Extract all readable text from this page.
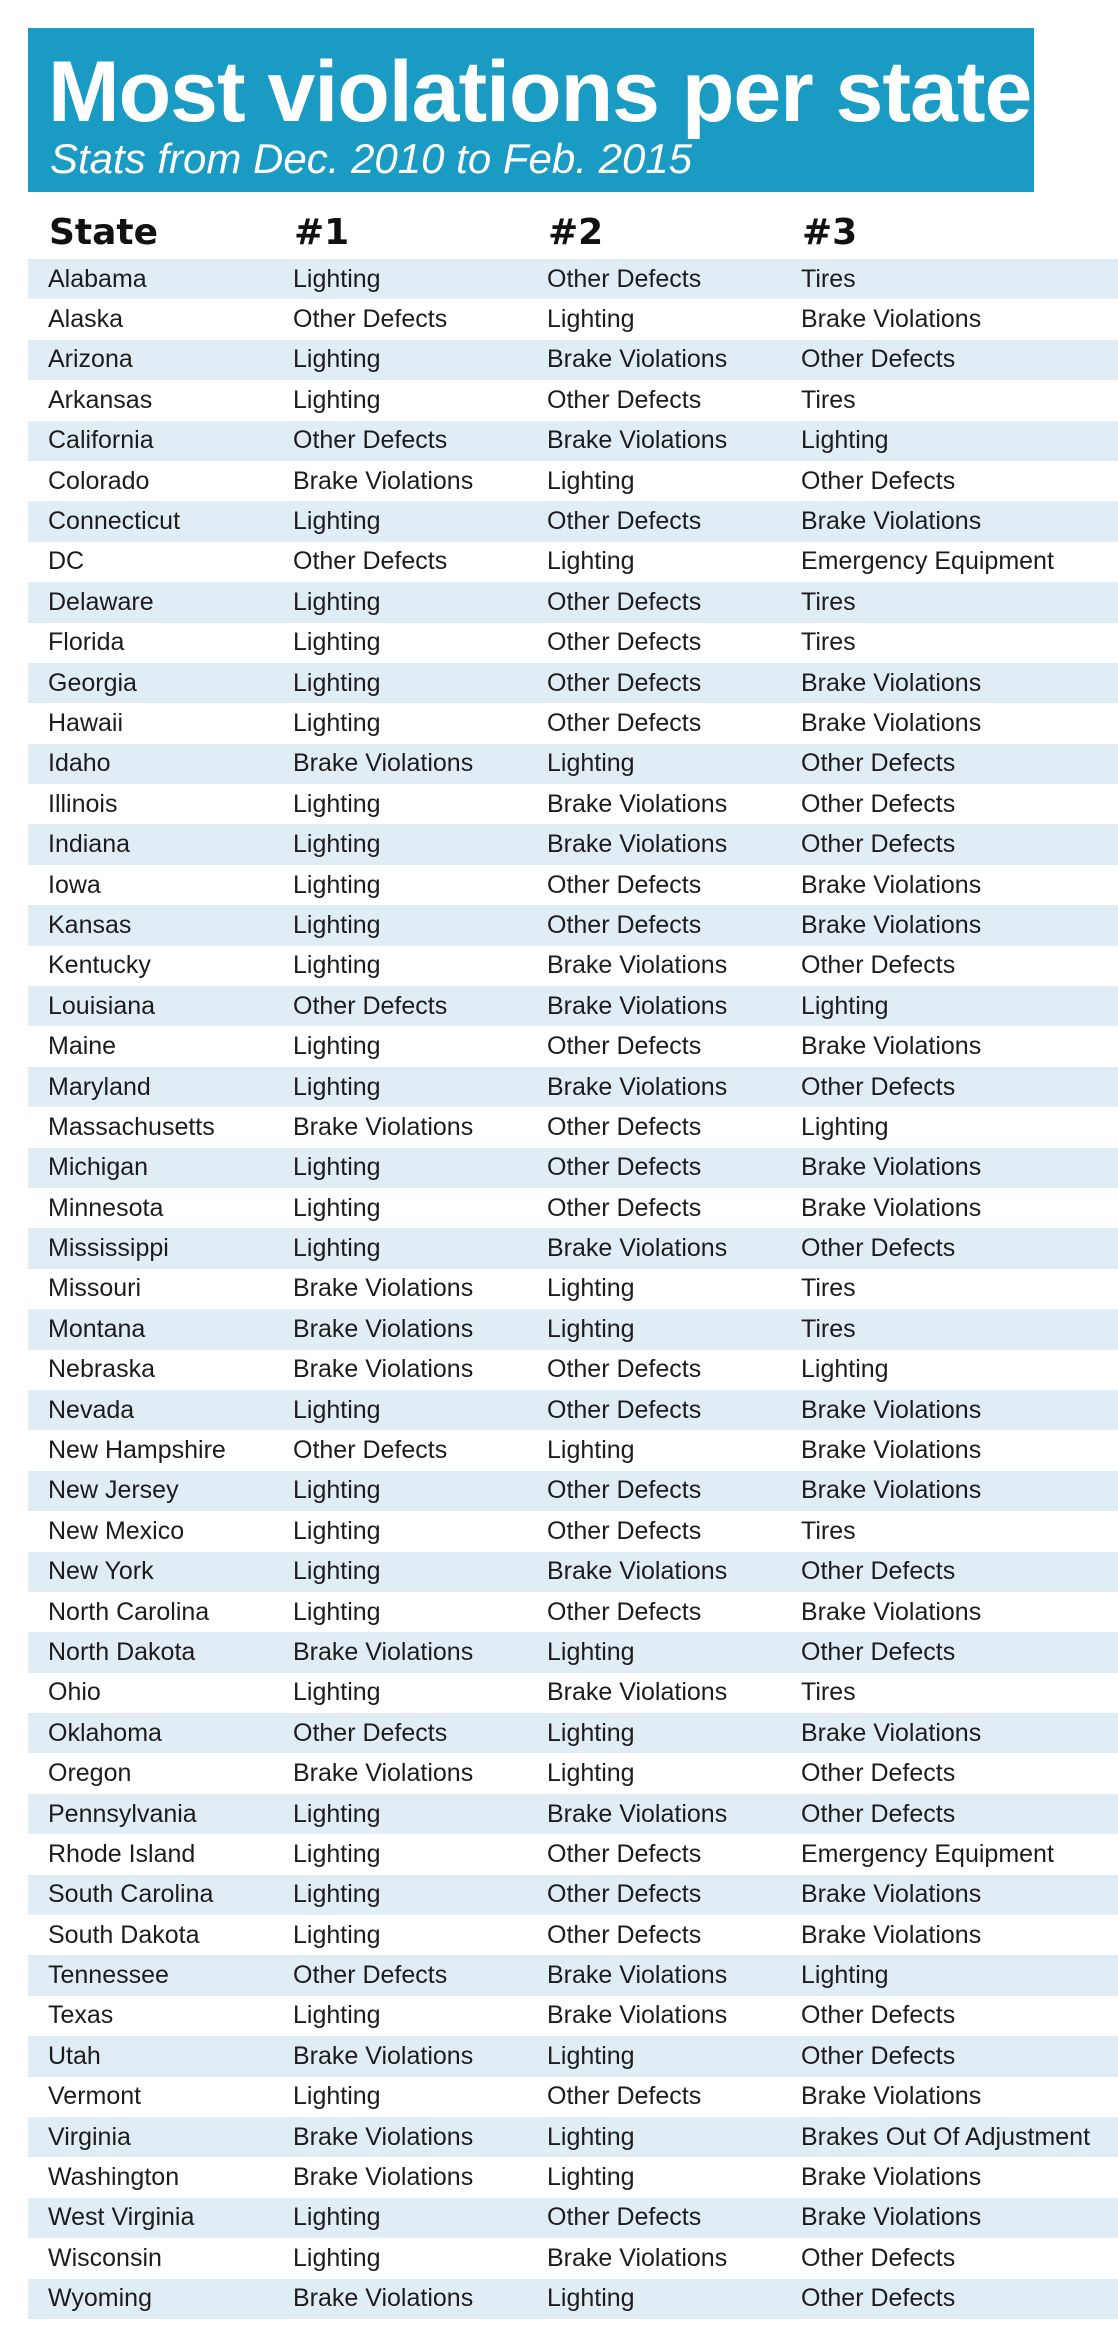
Most violations per state
Stats from Dec. 2010 to Feb. 2015
State	#1	#2	#3
Alabama	Lighting	Other Defects	Tires
Alaska	Other Defects	Lighting	Brake Violations
Arizona	Lighting	Brake Violations	Other Defects
Arkansas	Lighting	Other Defects	Tires
California	Other Defects	Brake Violations	Lighting
Colorado	Brake Violations	Lighting	Other Defects
Connecticut	Lighting	Other Defects	Brake Violations
DC	Other Defects	Lighting	Emergency Equipment
Delaware	Lighting	Other Defects	Tires
Florida	Lighting	Other Defects	Tires
Georgia	Lighting	Other Defects	Brake Violations
Hawaii	Lighting	Other Defects	Brake Violations
Idaho	Brake Violations	Lighting	Other Defects
Illinois	Lighting	Brake Violations	Other Defects
Indiana	Lighting	Brake Violations	Other Defects
Iowa	Lighting	Other Defects	Brake Violations
Kansas	Lighting	Other Defects	Brake Violations
Kentucky	Lighting	Brake Violations	Other Defects
Louisiana	Other Defects	Brake Violations	Lighting
Maine	Lighting	Other Defects	Brake Violations
Maryland	Lighting	Brake Violations	Other Defects
Massachusetts	Brake Violations	Other Defects	Lighting
Michigan	Lighting	Other Defects	Brake Violations
Minnesota	Lighting	Other Defects	Brake Violations
Mississippi	Lighting	Brake Violations	Other Defects
Missouri	Brake Violations	Lighting	Tires
Montana	Brake Violations	Lighting	Tires
Nebraska	Brake Violations	Other Defects	Lighting
Nevada	Lighting	Other Defects	Brake Violations
New Hampshire	Other Defects	Lighting	Brake Violations
New Jersey	Lighting	Other Defects	Brake Violations
New Mexico	Lighting	Other Defects	Tires
New York	Lighting	Brake Violations	Other Defects
North Carolina	Lighting	Other Defects	Brake Violations
North Dakota	Brake Violations	Lighting	Other Defects
Ohio	Lighting	Brake Violations	Tires
Oklahoma	Other Defects	Lighting	Brake Violations
Oregon	Brake Violations	Lighting	Other Defects
Pennsylvania	Lighting	Brake Violations	Other Defects
Rhode Island	Lighting	Other Defects	Emergency Equipment
South Carolina	Lighting	Other Defects	Brake Violations
South Dakota	Lighting	Other Defects	Brake Violations
Tennessee	Other Defects	Brake Violations	Lighting
Texas	Lighting	Brake Violations	Other Defects
Utah	Brake Violations	Lighting	Other Defects
Vermont	Lighting	Other Defects	Brake Violations
Virginia	Brake Violations	Lighting	Brakes Out Of Adjustment
Washington	Brake Violations	Lighting	Brake Violations
West Virginia	Lighting	Other Defects	Brake Violations
Wisconsin	Lighting	Brake Violations	Other Defects
Wyoming	Brake Violations	Lighting	Other Defects
